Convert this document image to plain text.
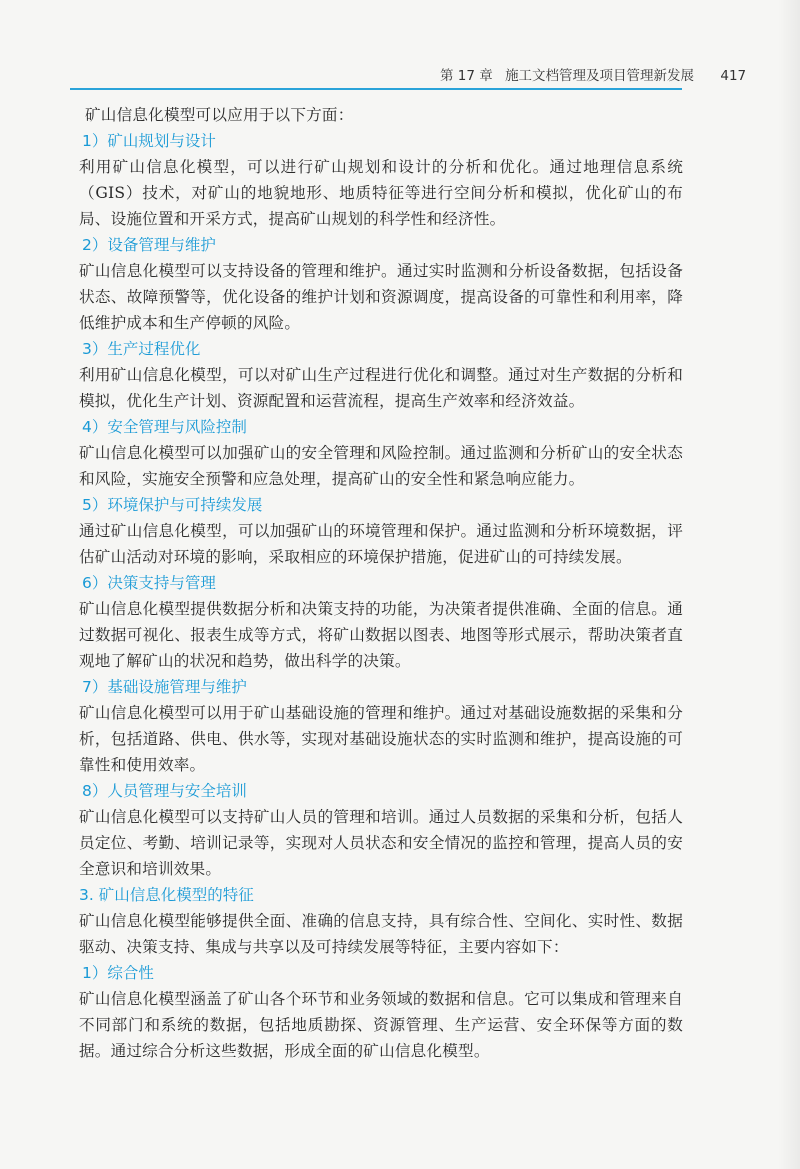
第 17 章 施工文档管理及项目管理新发展 417

矿山信息化模型可以应用于以下方面：

1）矿山规划与设计

利用矿山信息化模型，可以进行矿山规划和设计的分析和优化。通过地理信息系统（GIS）技术，对矿山的地貌地形、地质特征等进行空间分析和模拟，优化矿山的布局、设施位置和开采方式，提高矿山规划的科学性和经济性。

2）设备管理与维护

矿山信息化模型可以支持设备的管理和维护。通过实时监测和分析设备数据，包括设备状态、故障预警等，优化设备的维护计划和资源调度，提高设备的可靠性和利用率，降低维护成本和生产停顿的风险。

3）生产过程优化

利用矿山信息化模型，可以对矿山生产过程进行优化和调整。通过对生产数据的分析和模拟，优化生产计划、资源配置和运营流程，提高生产效率和经济效益。

4）安全管理与风险控制

矿山信息化模型可以加强矿山的安全管理和风险控制。通过监测和分析矿山的安全状态和风险，实施安全预警和应急处理，提高矿山的安全性和紧急响应能力。

5）环境保护与可持续发展

通过矿山信息化模型，可以加强矿山的环境管理和保护。通过监测和分析环境数据，评估矿山活动对环境的影响，采取相应的环境保护措施，促进矿山的可持续发展。

6）决策支持与管理

矿山信息化模型提供数据分析和决策支持的功能，为决策者提供准确、全面的信息。通过数据可视化、报表生成等方式，将矿山数据以图表、地图等形式展示，帮助决策者直观地了解矿山的状况和趋势，做出科学的决策。

7）基础设施管理与维护

矿山信息化模型可以用于矿山基础设施的管理和维护。通过对基础设施数据的采集和分析，包括道路、供电、供水等，实现对基础设施状态的实时监测和维护，提高设施的可靠性和使用效率。

8）人员管理与安全培训

矿山信息化模型可以支持矿山人员的管理和培训。通过人员数据的采集和分析，包括人员定位、考勤、培训记录等，实现对人员状态和安全情况的监控和管理，提高人员的安全意识和培训效果。

3. 矿山信息化模型的特征

矿山信息化模型能够提供全面、准确的信息支持，具有综合性、空间化、实时性、数据驱动、决策支持、集成与共享以及可持续发展等特征，主要内容如下：

1）综合性

矿山信息化模型涵盖了矿山各个环节和业务领域的数据和信息。它可以集成和管理来自不同部门和系统的数据，包括地质勘探、资源管理、生产运营、安全环保等方面的数据。通过综合分析这些数据，形成全面的矿山信息化模型。
